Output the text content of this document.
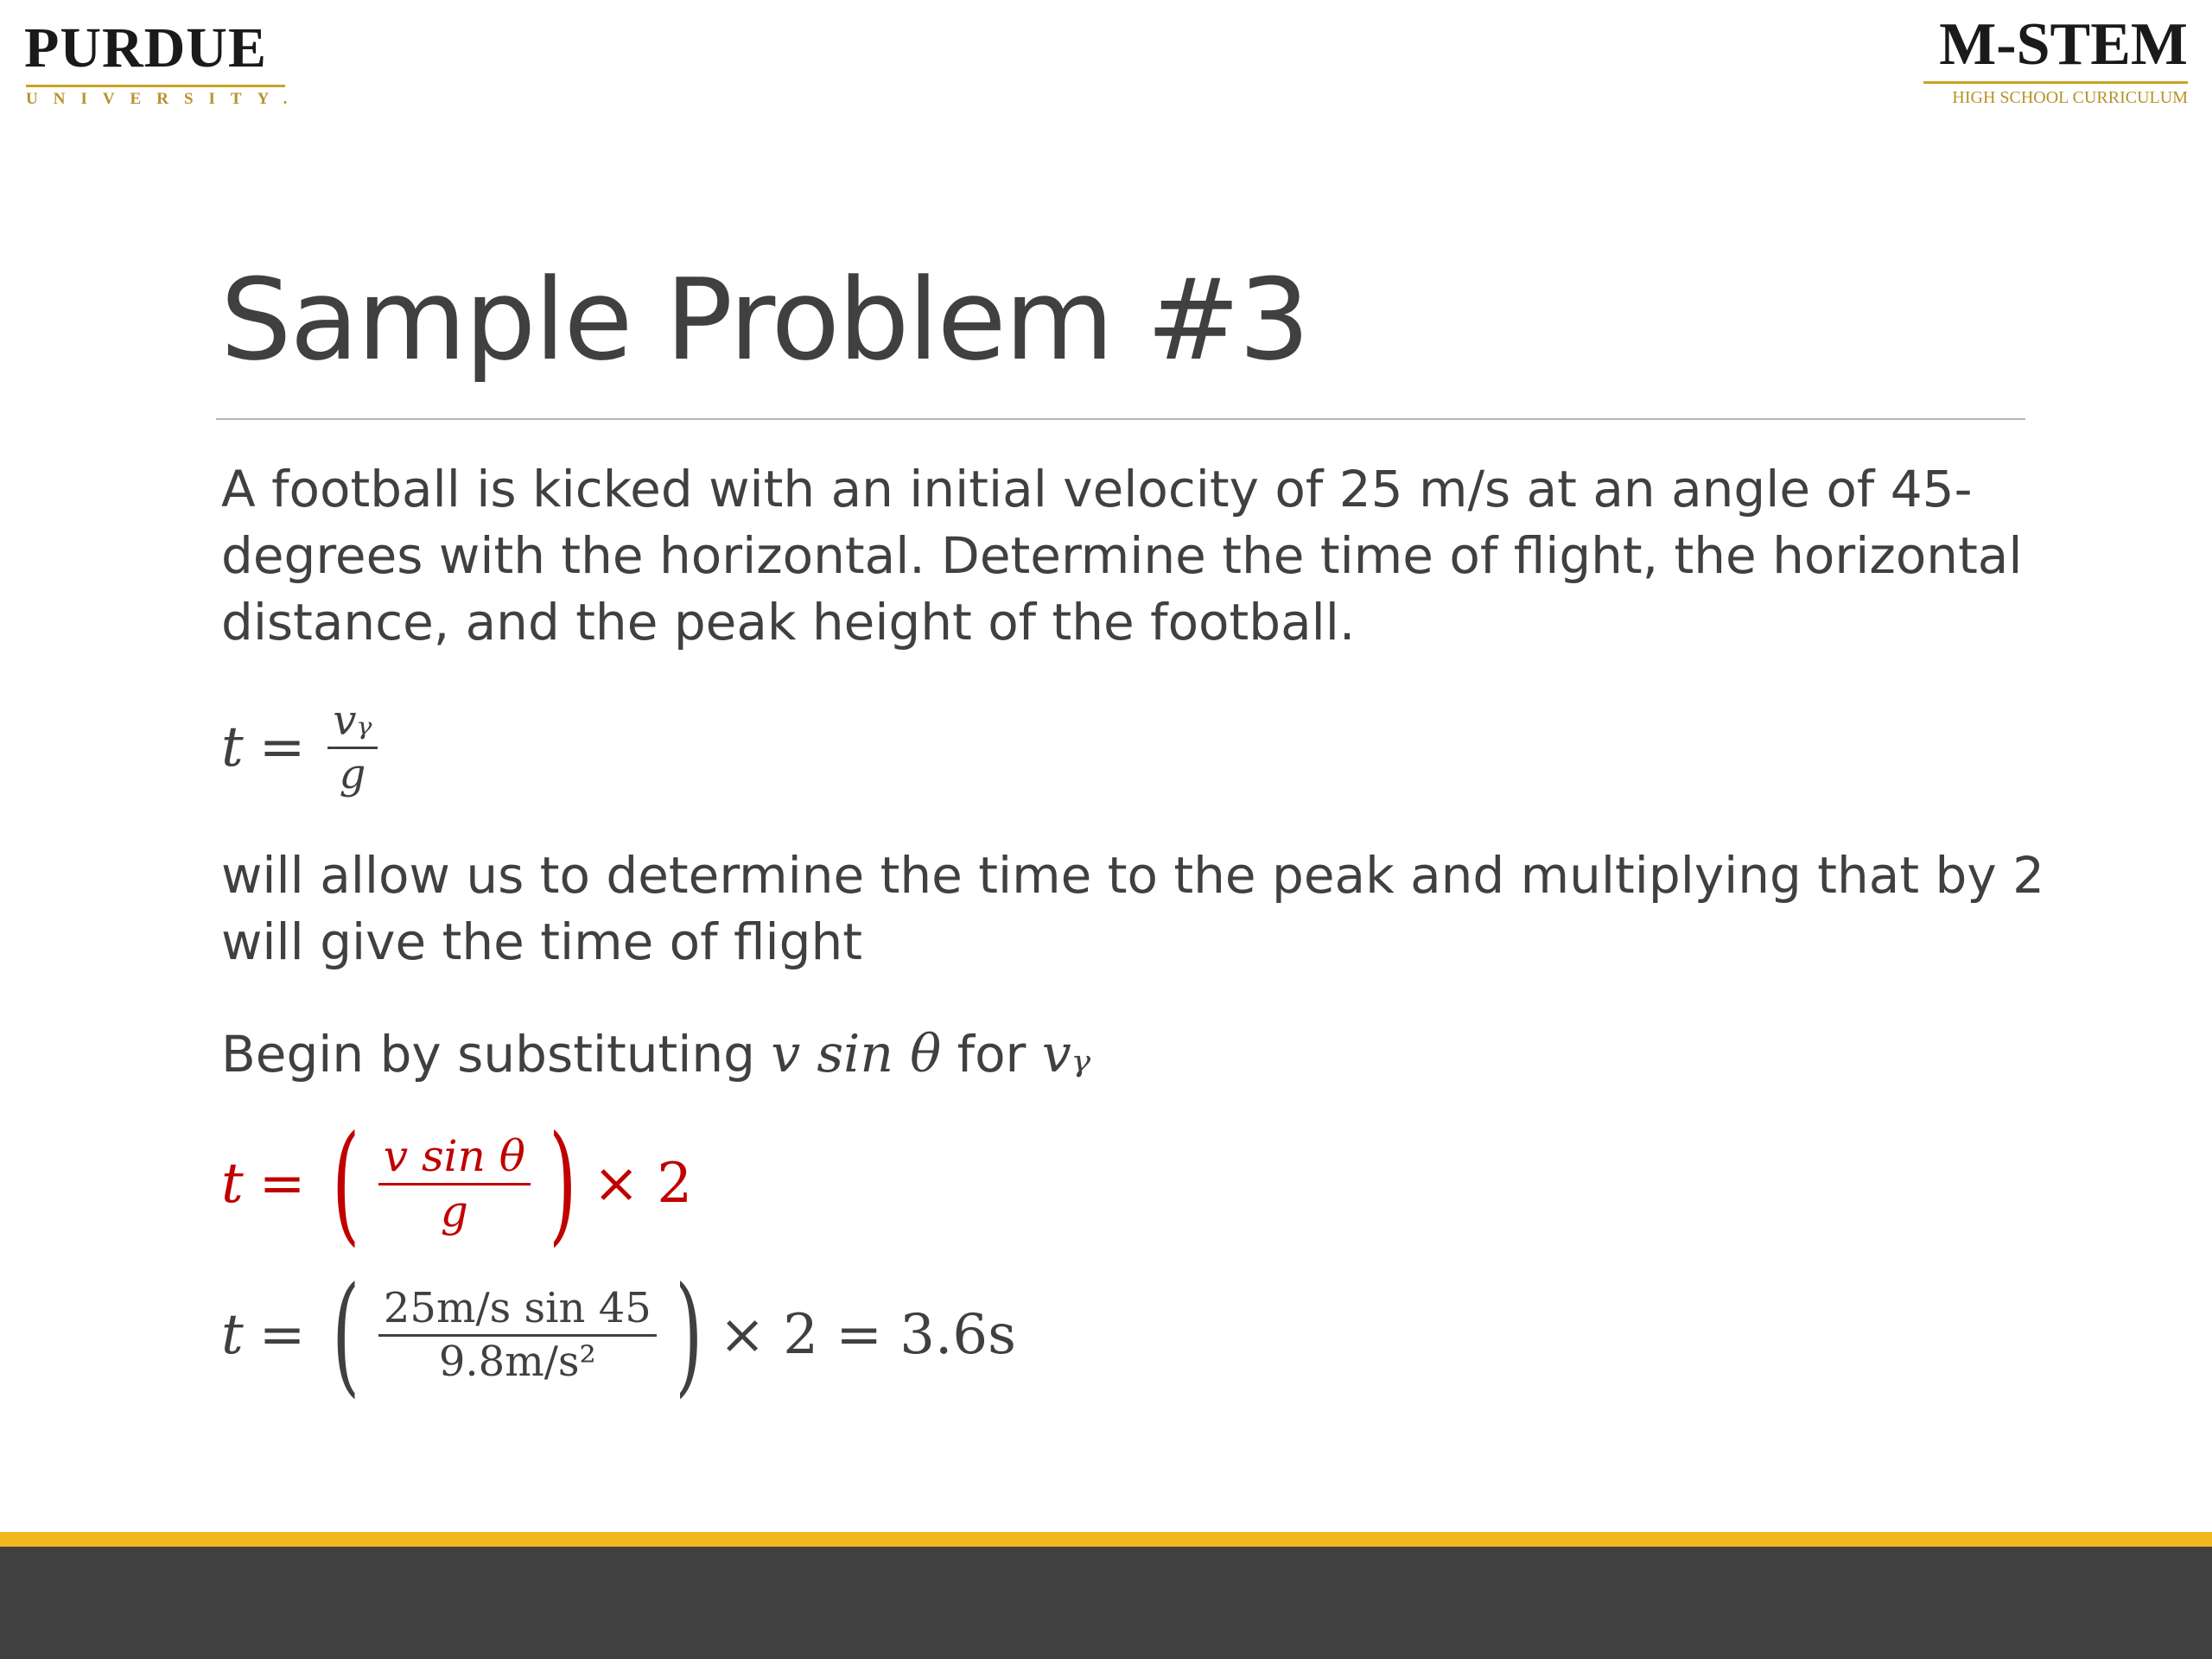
PURDUE
UNIVERSITY.
M-STEM
HIGH SCHOOL CURRICULUM
Sample Problem #3
A football is kicked with an initial velocity of 25 m/s at an angle of 45-degrees with the horizontal. Determine the time of flight, the horizontal distance, and the peak height of the football.
$t = \frac{\text{vᵧ}}{g}$
will allow us to determine the time to the peak and multiplying that by 2 will give the time of flight
Begin by substituting v sin θ for vᵧ
t = ( $\frac{\text{v sin θ}}{g}$ ) × 2
t = ( $\frac{\text{25m/s sin 45}}{\text{9.8m/s²}}$ ) × 2 = 3.6s
